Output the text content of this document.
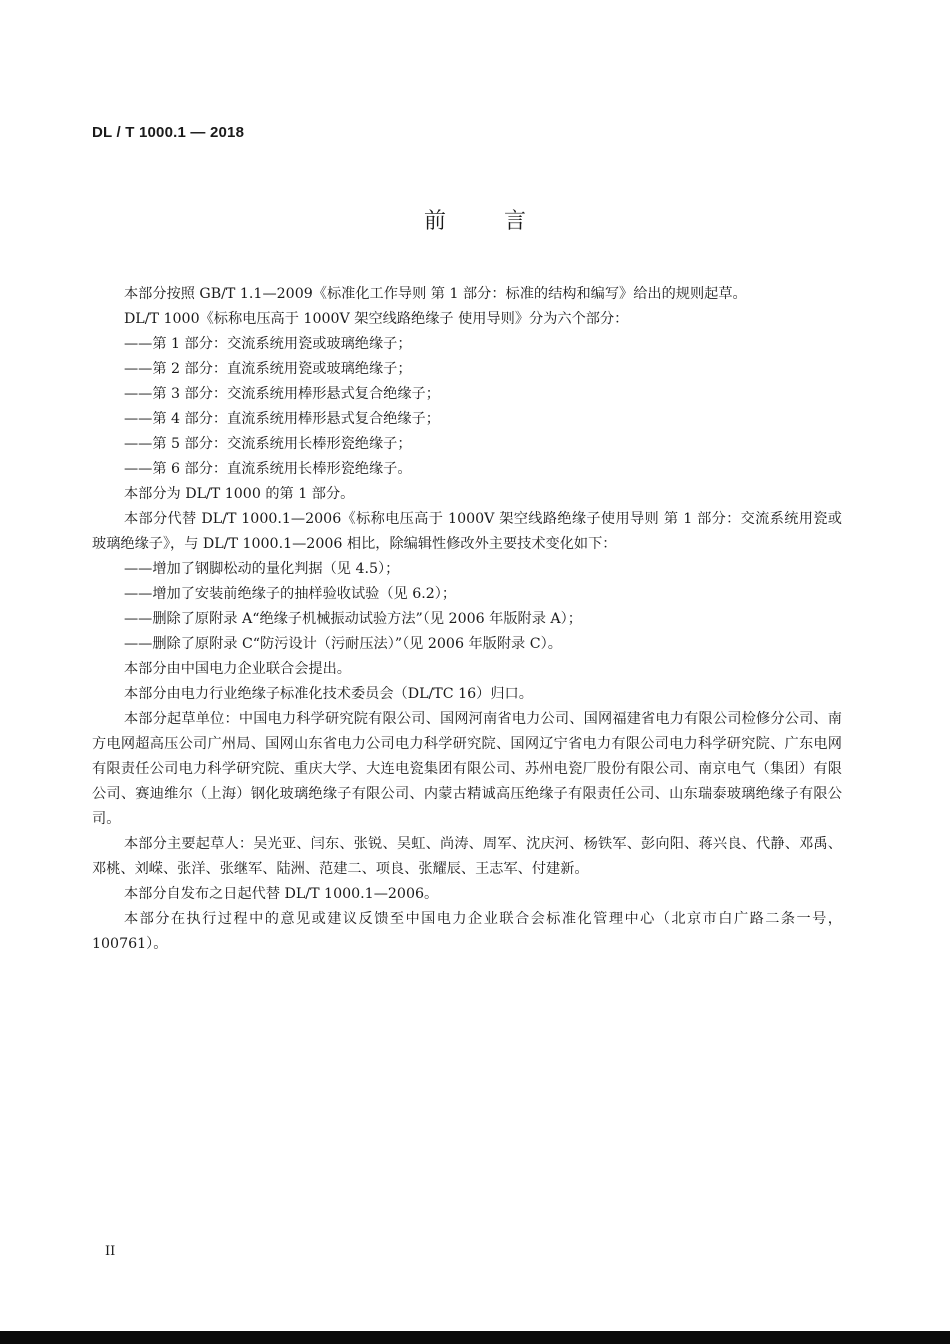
DL / T 1000.1 — 2018
前言

本部分按照 GB/T 1.1—2009《标准化工作导则 第 1 部分：标准的结构和编写》给出的规则起草。

DL/T 1000《标称电压高于 1000V 架空线路绝缘子 使用导则》分为六个部分：

——第 1 部分：交流系统用瓷或玻璃绝缘子；

——第 2 部分：直流系统用瓷或玻璃绝缘子；

——第 3 部分：交流系统用棒形悬式复合绝缘子；

——第 4 部分：直流系统用棒形悬式复合绝缘子；

——第 5 部分：交流系统用长棒形瓷绝缘子；

——第 6 部分：直流系统用长棒形瓷绝缘子。

本部分为 DL/T 1000 的第 1 部分。

本部分代替 DL/T 1000.1—2006《标称电压高于 1000V 架空线路绝缘子使用导则 第 1 部分：交流系统用瓷或玻璃绝缘子》，与 DL/T 1000.1—2006 相比，除编辑性修改外主要技术变化如下：

——增加了钢脚松动的量化判据（见 4.5）；

——增加了安装前绝缘子的抽样验收试验（见 6.2）；

——删除了原附录 A“绝缘子机械振动试验方法”（见 2006 年版附录 A）；

——删除了原附录 C“防污设计（污耐压法）”（见 2006 年版附录 C）。

本部分由中国电力企业联合会提出。

本部分由电力行业绝缘子标准化技术委员会（DL/TC 16）归口。

本部分起草单位：中国电力科学研究院有限公司、国网河南省电力公司、国网福建省电力有限公司检修分公司、南方电网超高压公司广州局、国网山东省电力公司电力科学研究院、国网辽宁省电力有限公司电力科学研究院、广东电网有限责任公司电力科学研究院、重庆大学、大连电瓷集团有限公司、苏州电瓷厂股份有限公司、南京电气（集团）有限公司、赛迪维尔（上海）钢化玻璃绝缘子有限公司、内蒙古精诚高压绝缘子有限责任公司、山东瑞泰玻璃绝缘子有限公司。

本部分主要起草人：吴光亚、闫东、张锐、吴虹、尚涛、周军、沈庆河、杨铁军、彭向阳、蒋兴良、代静、邓禹、邓桃、刘嵘、张洋、张继军、陆洲、范建二、项良、张耀辰、王志军、付建新。

本部分自发布之日起代替 DL/T 1000.1—2006。

本部分在执行过程中的意见或建议反馈至中国电力企业联合会标准化管理中心（北京市白广路二条一号，100761）。

II
